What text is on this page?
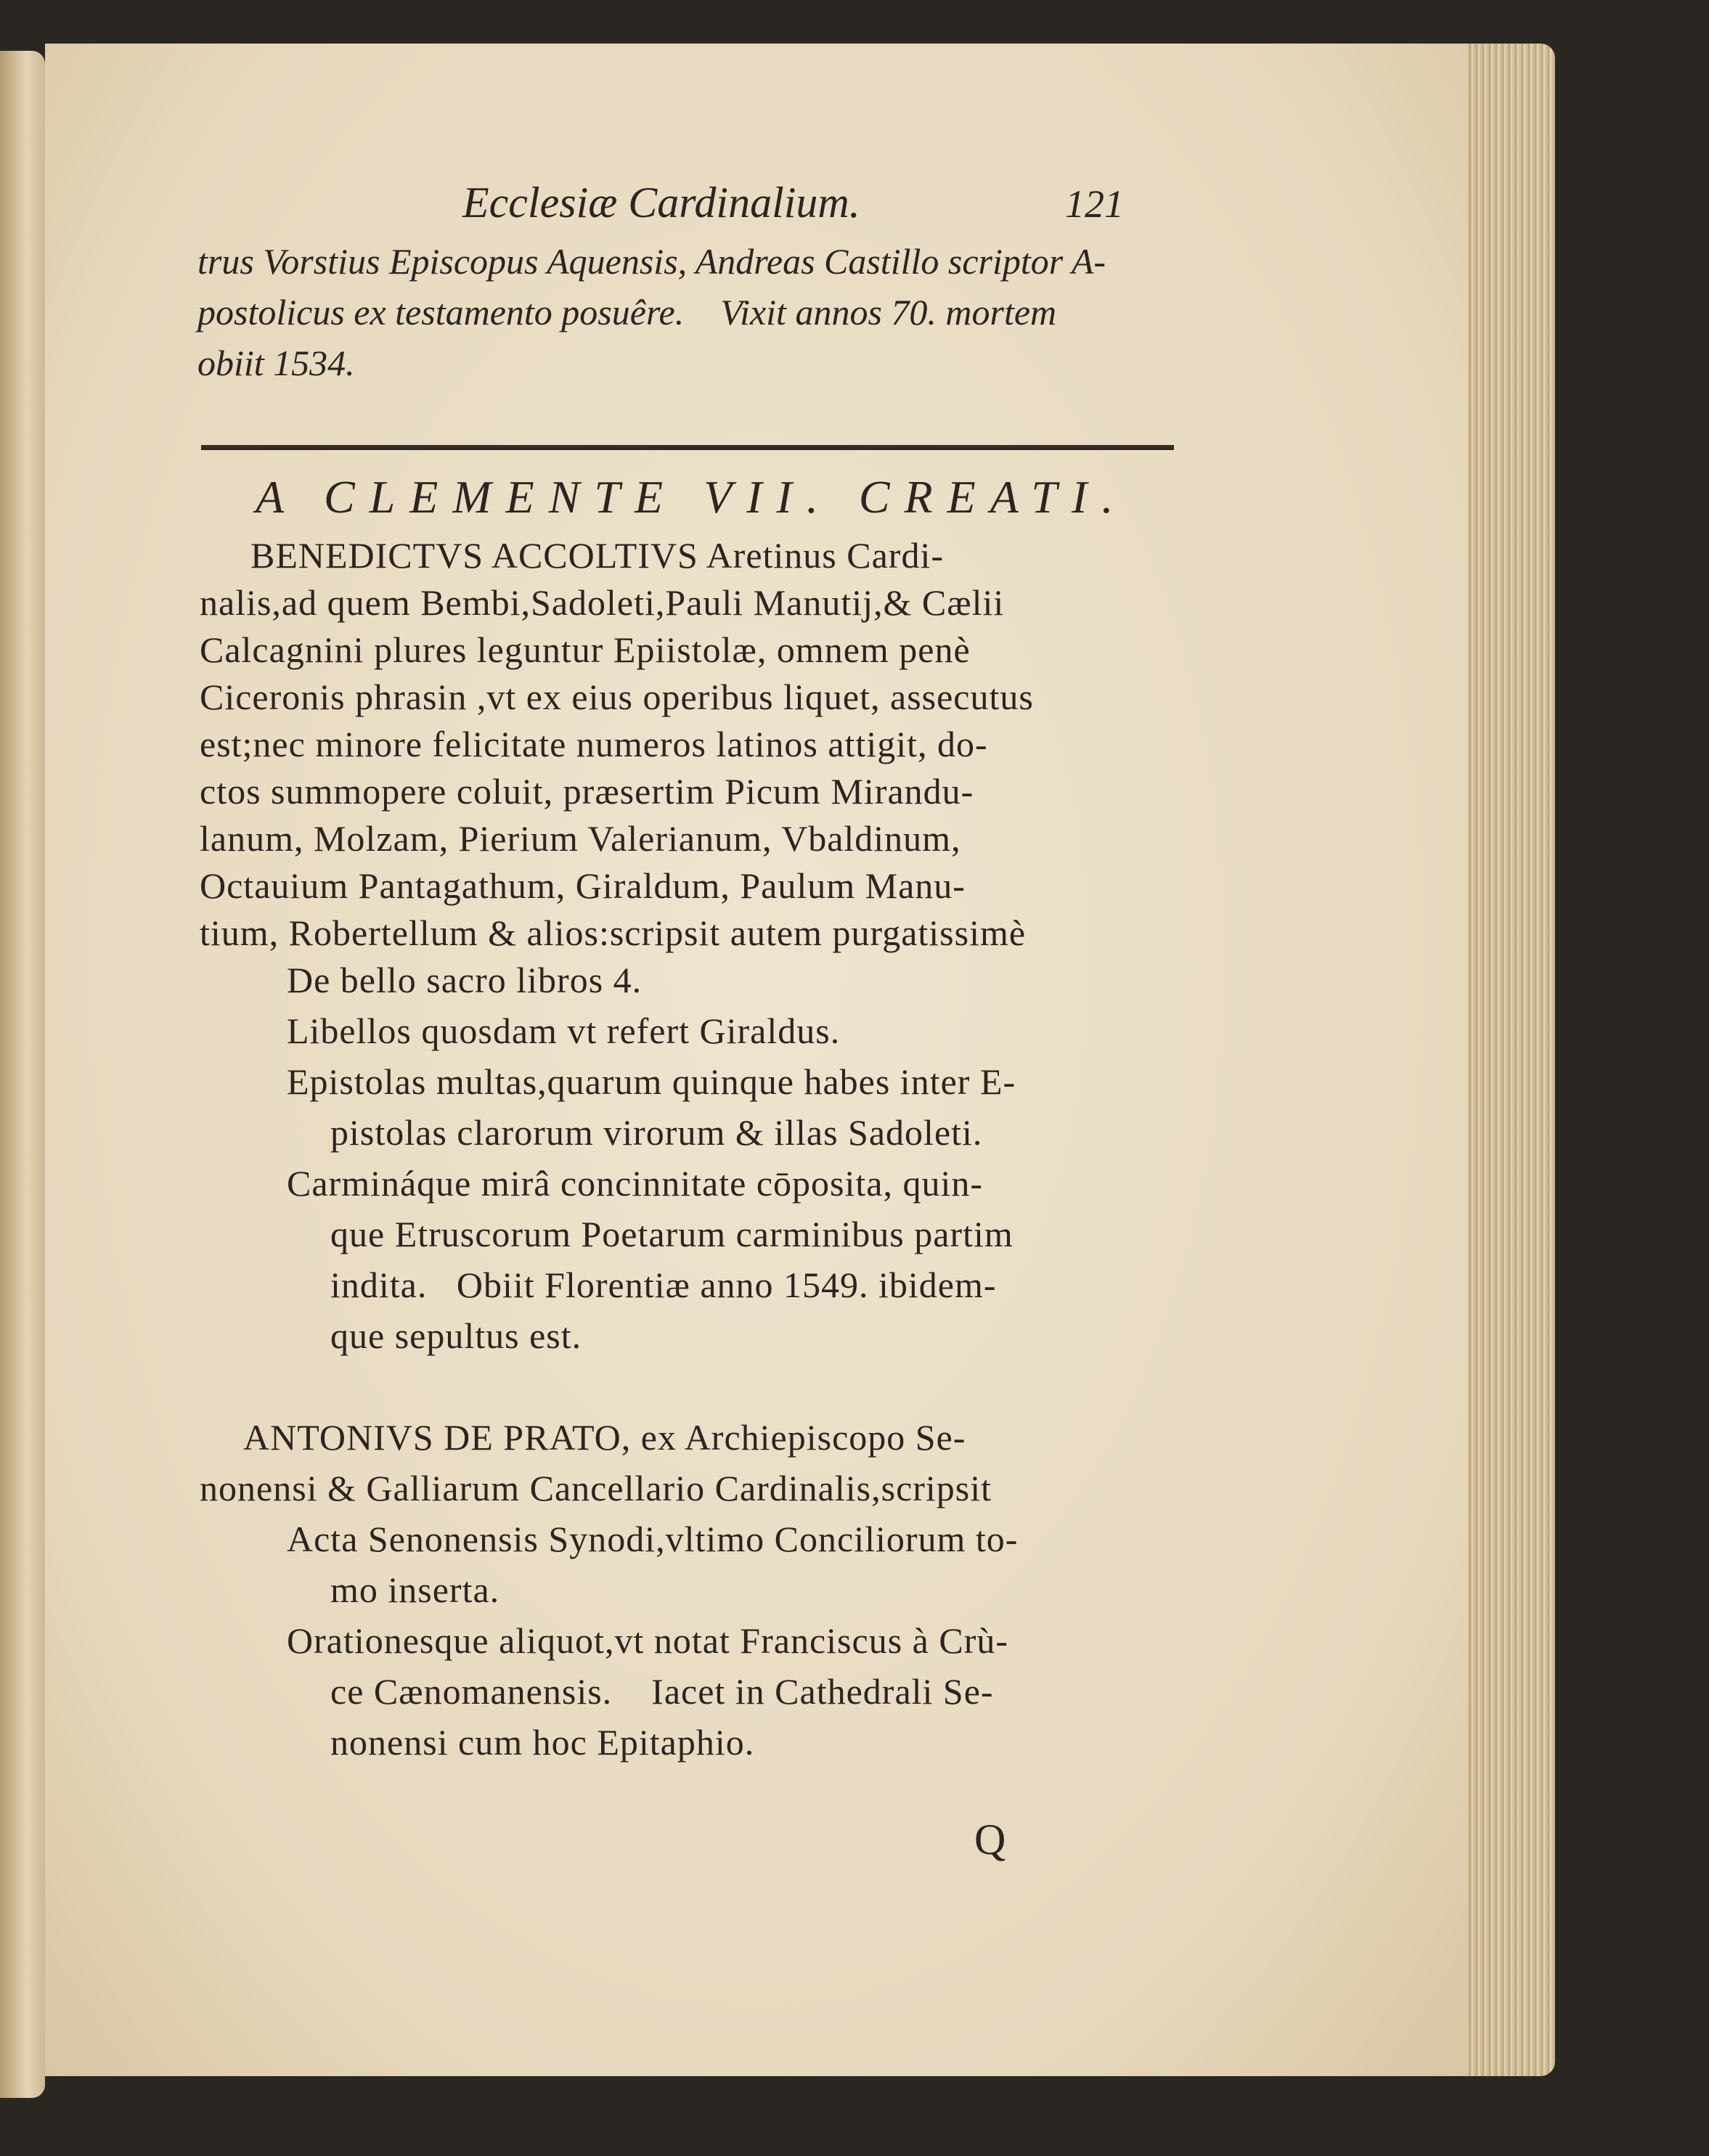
Ecclesiæ Cardinalium.	121

trus Vorstius Episcopus Aquensis, Andreas Castillo scriptor A-

postolicus ex testamento posuêre.    Vixit annos 70. mortem

obiit 1534.

A CLEMENTE VII. CREATI.

BENEDICTVS ACCOLTIVS Aretinus Cardi-

nalis,ad quem Bembi,Sadoleti,Pauli Manutij,& Cælii

Calcagnini plures leguntur Epiistolæ, omnem penè

Ciceronis phrasin ,vt ex eius operibus liquet, assecutus

est;nec minore felicitate numeros latinos attigit, do-

ctos summopere coluit, præsertim Picum Mirandu-

lanum, Molzam, Pierium Valerianum, Vbaldinum,

Octauium Pantagathum, Giraldum, Paulum Manu-

tium, Robertellum & alios:scripsit autem purgatissimè

De bello sacro libros 4.

Libellos quosdam vt refert Giraldus.

Epistolas multas,quarum quinque habes inter E-

pistolas clarorum virorum & illas Sadoleti.

Carmináque mirâ concinnitate cōposita, quin-

que Etruscorum Poetarum carminibus partim

indita.   Obiit Florentiæ anno 1549. ibidem-

que sepultus est.

ANTONIVS DE PRATO, ex Archiepiscopo Se-

nonensi & Galliarum Cancellario Cardinalis,scripsit

Acta Senonensis Synodi,vltimo Conciliorum to-

mo inserta.

Orationesque aliquot,vt notat Franciscus à Crù-

ce Cænomanensis.    Iacet in Cathedrali Se-

nonensi cum hoc Epitaphio.

Q
